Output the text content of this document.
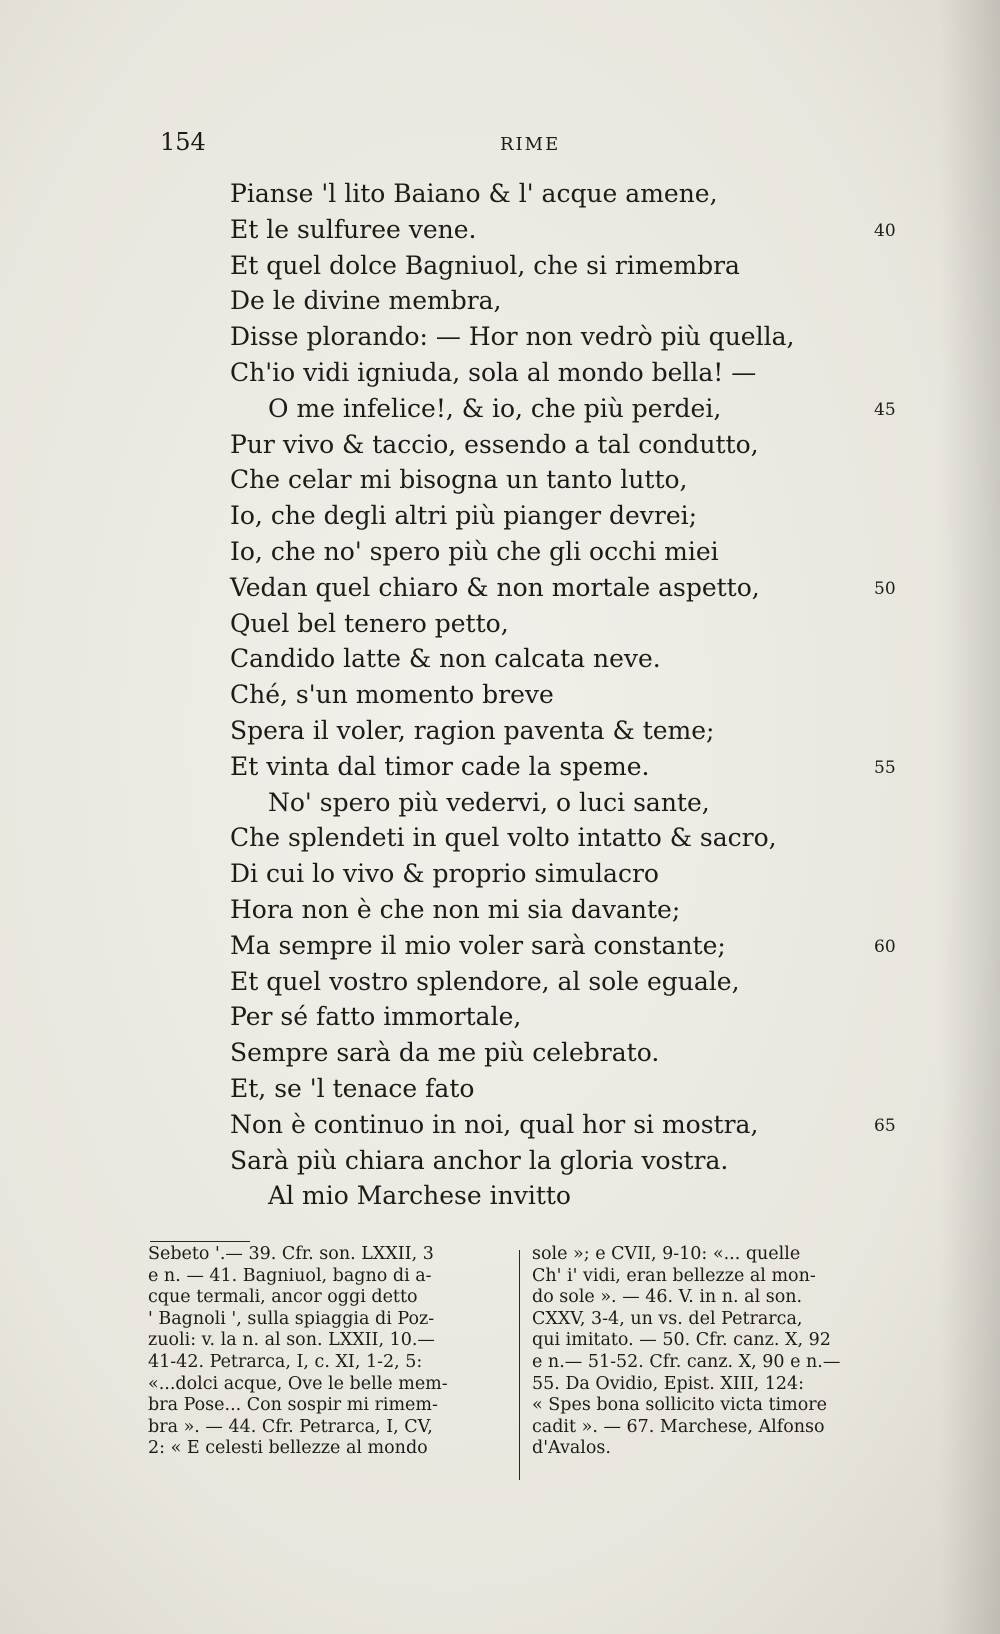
154	RIME
Pianse 'l lito Baiano & l' acque amene,
Et le sulfuree vene.	40
Et quel dolce Bagniuol, che si rimembra
De le divine membra,
Disse plorando: — Hor non vedrò più quella,
Ch'io vidi igniuda, sola al mondo bella! —
O me infelice!, & io, che più perdei,	45
Pur vivo & taccio, essendo a tal condutto,
Che celar mi bisogna un tanto lutto,
Io, che degli altri più pianger devrei;
Io, che no' spero più che gli occhi miei
Vedan quel chiaro & non mortale aspetto,	50
Quel bel tenero petto,
Candido latte & non calcata neve.
Ché, s'un momento breve
Spera il voler, ragion paventa & teme;
Et vinta dal timor cade la speme.	55
No' spero più vedervi, o luci sante,
Che splendeti in quel volto intatto & sacro,
Di cui lo vivo & proprio simulacro
Hora non è che non mi sia davante;
Ma sempre il mio voler sarà constante;	60
Et quel vostro splendore, al sole eguale,
Per sé fatto immortale,
Sempre sarà da me più celebrato.
Et, se 'l tenace fato
Non è continuo in noi, qual hor si mostra,	65
Sarà più chiara anchor la gloria vostra.
Al mio Marchese invitto
Sebeto '.— 39. Cfr. son. LXXII, 3
e n. — 41. Bagniuol, bagno di a-
cque termali, ancor oggi detto
' Bagnoli ', sulla spiaggia di Poz-
zuoli: v. la n. al son. LXXII, 10.—
41-42. Petrarca, I, c. XI, 1-2, 5:
«...dolci acque, Ove le belle mem-
bra Pose... Con sospir mi rimem-
bra ». — 44. Cfr. Petrarca, I, CV,
2: « E celesti bellezze al mondo
sole »; e CVII, 9-10: «... quelle
Ch' i' vidi, eran bellezze al mon-
do sole ». — 46. V. in n. al son.
CXXV, 3-4, un vs. del Petrarca,
qui imitato. — 50. Cfr. canz. X, 92
e n.— 51-52. Cfr. canz. X, 90 e n.—
55. Da Ovidio, Epist. XIII, 124:
« Spes bona sollicito victa timore
cadit ». — 67. Marchese, Alfonso
d'Avalos.
